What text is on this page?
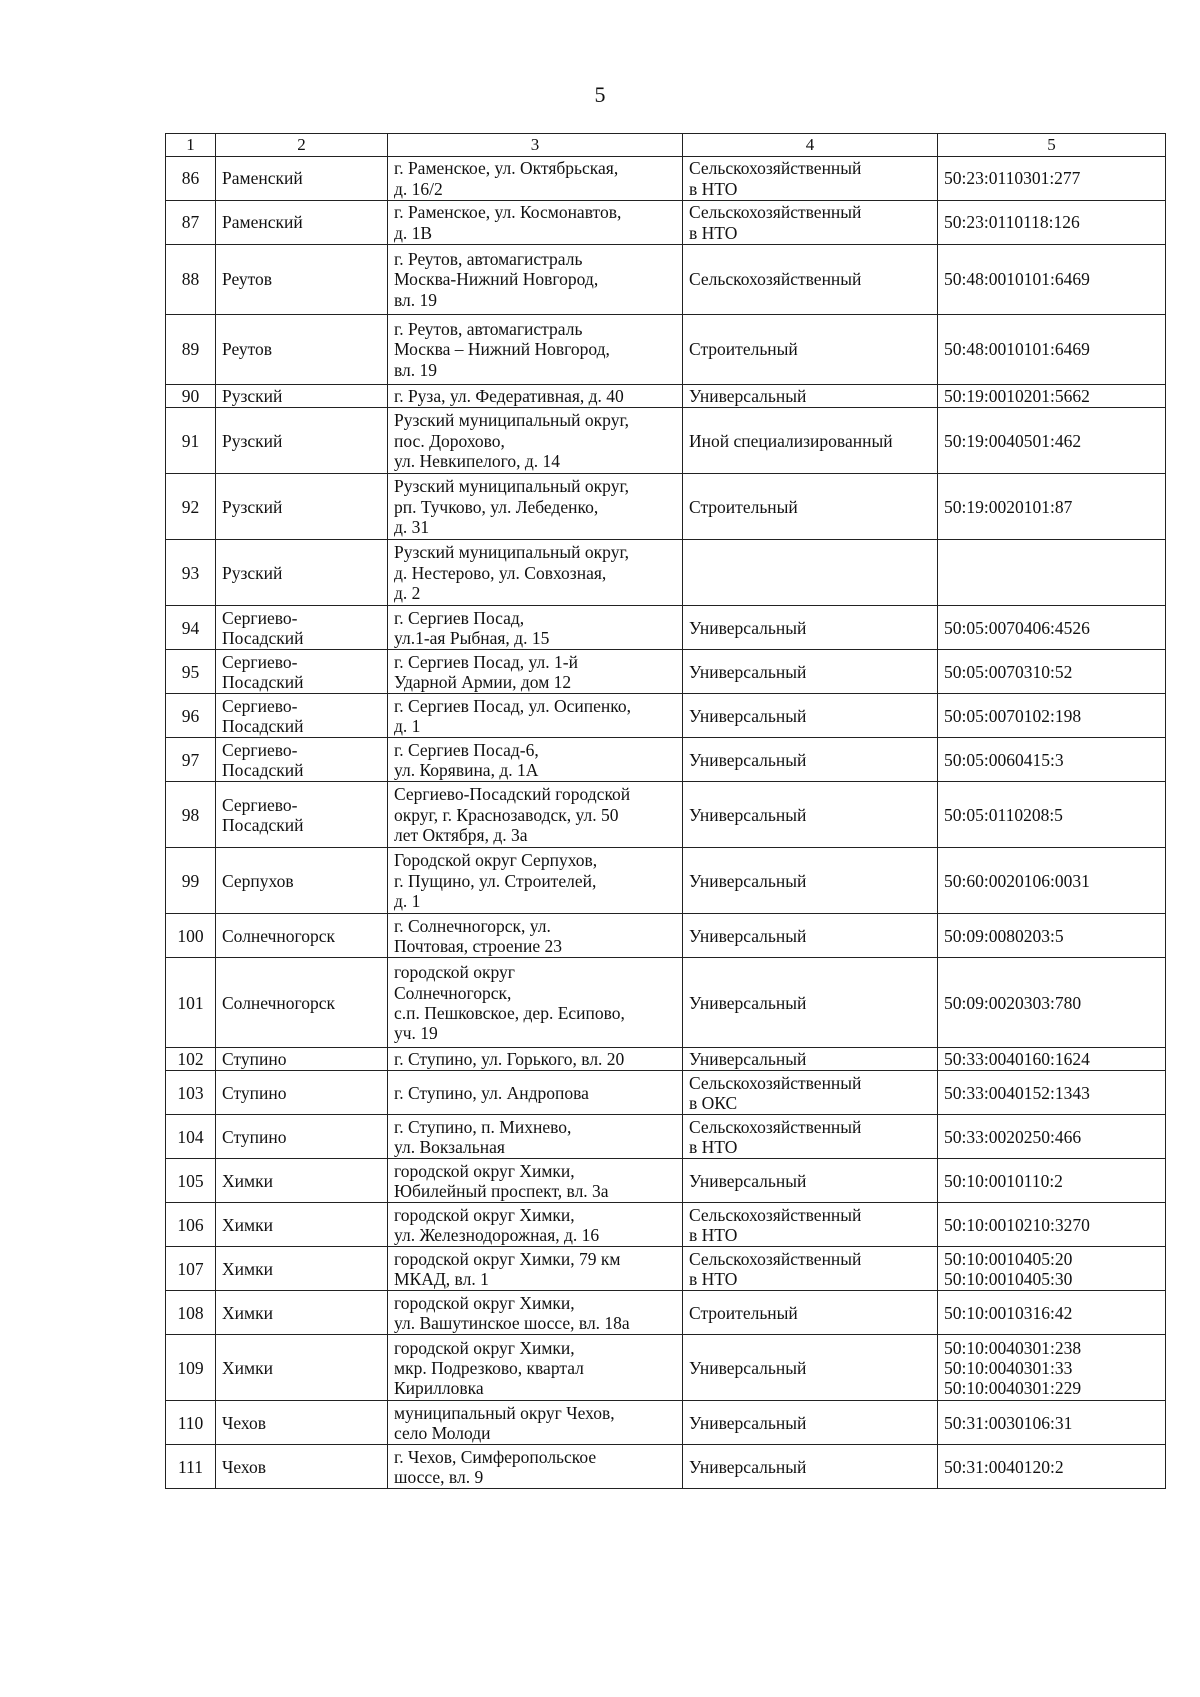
5
1	2	3	4	5
86	Раменский	г. Раменское, ул. Октябрьская,
д. 16/2	Сельскохозяйственный
в НТО	50:23:0110301:277

87	Раменский	г. Раменское, ул. Космонавтов,
д. 1В	Сельскохозяйственный
в НТО	50:23:0110118:126

88	Реутов	г. Реутов, автомагистраль
Москва-Нижний Новгород,
вл. 19	Сельскохозяйственный	50:48:0010101:6469

89	Реутов	г. Реутов, автомагистраль
Москва – Нижний Новгород,
вл. 19	Строительный	50:48:0010101:6469

90	Рузский	г. Руза, ул. Федеративная, д. 40	Универсальный	50:19:0010201:5662

91	Рузский	Рузский муниципальный округ,
пос. Дорохово,
ул. Невкипелого, д. 14	Иной специализированный	50:19:0040501:462

92	Рузский	Рузский муниципальный округ,
рп. Тучково, ул. Лебеденко,
д. 31	Строительный	50:19:0020101:87

93	Рузский	Рузский муниципальный округ,
д. Нестерово, ул. Совхозная,
д. 2		

94	Сергиево-
Посадский	г. Сергиев Посад,
ул.1-ая Рыбная, д. 15	Универсальный	50:05:0070406:4526

95	Сергиево-
Посадский	г. Сергиев Посад, ул. 1-й
Ударной Армии, дом 12	Универсальный	50:05:0070310:52

96	Сергиево-
Посадский	г. Сергиев Посад, ул. Осипенко,
д. 1	Универсальный	50:05:0070102:198

97	Сергиево-
Посадский	г. Сергиев Посад-6,
ул. Корявина, д. 1А	Универсальный	50:05:0060415:3

98	Сергиево-
Посадский	Сергиево-Посадский городской
округ, г. Краснозаводск, ул. 50
лет Октября, д. 3а	Универсальный	50:05:0110208:5

99	Серпухов	Городской округ Серпухов,
г. Пущино, ул. Строителей,
д. 1	Универсальный	50:60:0020106:0031

100	Солнечногорск	г. Солнечногорск, ул.
Почтовая, строение 23	Универсальный	50:09:0080203:5

101	Солнечногорск	городской округ
Солнечногорск,
с.п. Пешковское, дер. Есипово,
уч. 19	Универсальный	50:09:0020303:780

102	Ступино	г. Ступино, ул. Горького, вл. 20	Универсальный	50:33:0040160:1624

103	Ступино	г. Ступино, ул. Андропова	Сельскохозяйственный
в ОКС	50:33:0040152:1343

104	Ступино	г. Ступино, п. Михнево,
ул. Вокзальная	Сельскохозяйственный
в НТО	50:33:0020250:466

105	Химки	городской округ Химки,
Юбилейный проспект, вл. 3а	Универсальный	50:10:0010110:2

106	Химки	городской округ Химки,
ул. Железнодорожная, д. 16	Сельскохозяйственный
в НТО	50:10:0010210:3270

107	Химки	городской округ Химки, 79 км
МКАД, вл. 1	Сельскохозяйственный
в НТО	50:10:0010405:20
50:10:0010405:30

108	Химки	городской округ Химки,
ул. Вашутинское шоссе, вл. 18а	Строительный	50:10:0010316:42

109	Химки	городской округ Химки,
мкр. Подрезково, квартал
Кирилловка	Универсальный	50:10:0040301:238
50:10:0040301:33
50:10:0040301:229

110	Чехов	муниципальный округ Чехов,
село Молоди	Универсальный	50:31:0030106:31

111	Чехов	г. Чехов, Симферопольское
шоссе, вл. 9	Универсальный	50:31:0040120:2
